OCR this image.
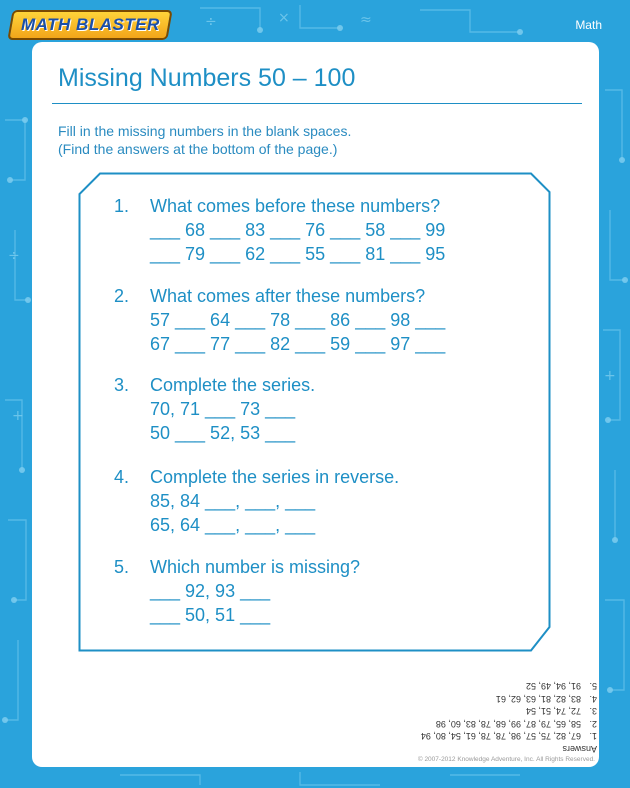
÷	×	≈
+
+
÷
MATH BLASTER	Math
Missing Numbers 50 – 100
Fill in the missing numbers in the blank spaces.
(Find the answers at the bottom of the page.)
1. What comes before these numbers?
___ 68 ___ 83 ___ 76 ___ 58 ___ 99
___ 79 ___ 62 ___ 55 ___ 81 ___ 95
2. What comes after these numbers?
57 ___ 64 ___ 78 ___ 86 ___ 98 ___
67 ___ 77 ___ 82 ___ 59 ___ 97 ___
3. Complete the series.
70, 71 ___ 73 ___
50 ___ 52, 53 ___
4. Complete the series in reverse.
85, 84 ___, ___, ___
65, 64 ___, ___, ___
5. Which number is missing?
___ 92, 93 ___
___ 50, 51 ___
Answers
1.67, 82, 75, 57, 98, 78, 78, 61, 54, 80, 94
2.58, 65, 79, 87, 99, 68, 78, 83, 60, 98
3.72, 74, 51, 54
4.83, 82, 81, 63, 62, 61
5.91, 94, 49, 52
© 2007-2012 Knowledge Adventure, Inc. All Rights Reserved.
